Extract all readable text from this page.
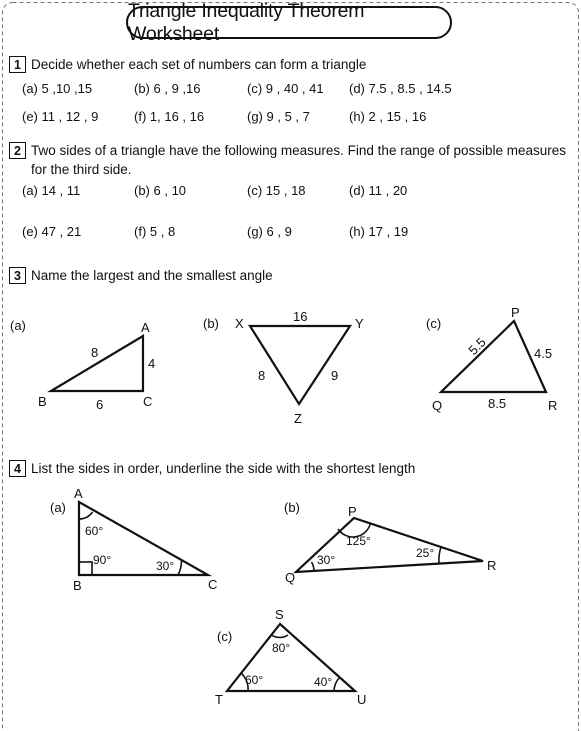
Triangle Inequality Theorem Worksheet
1 Decide whether each set of numbers can form a triangle
(a) 5 ,10 ,15	(b) 6 , 9 ,16	(c) 9 , 40 , 41 (d) 7.5 , 8.5 , 14.5
(e) 11 , 12 , 9	(f) 1, 16 , 16	(g) 9 , 5 , 7	(h) 2 , 15 , 16
2 Two sides of a triangle have the following measures. Find the range of possible measures for the third side.
(a) 14 , 11	(b) 6 , 10	(c) 15 , 18	(d) 11 , 20
(e) 47 , 21	(f) 5 , 8	(g) 6 , 9	(h) 17 , 19
3 Name the largest and the smallest angle
(a)	A
B	C
8
4
6
(b) X	Y
Z
16
8	9
(c)
P
Q	R
5.5	4.5
8.5
4 List the sides in order, underline the side with the shortest length
(a)
A
B	C
60°
90°	30°
(b)	P
Q
R
125°
30°	25°
(c)
S
T	U
80°
60°	40°
